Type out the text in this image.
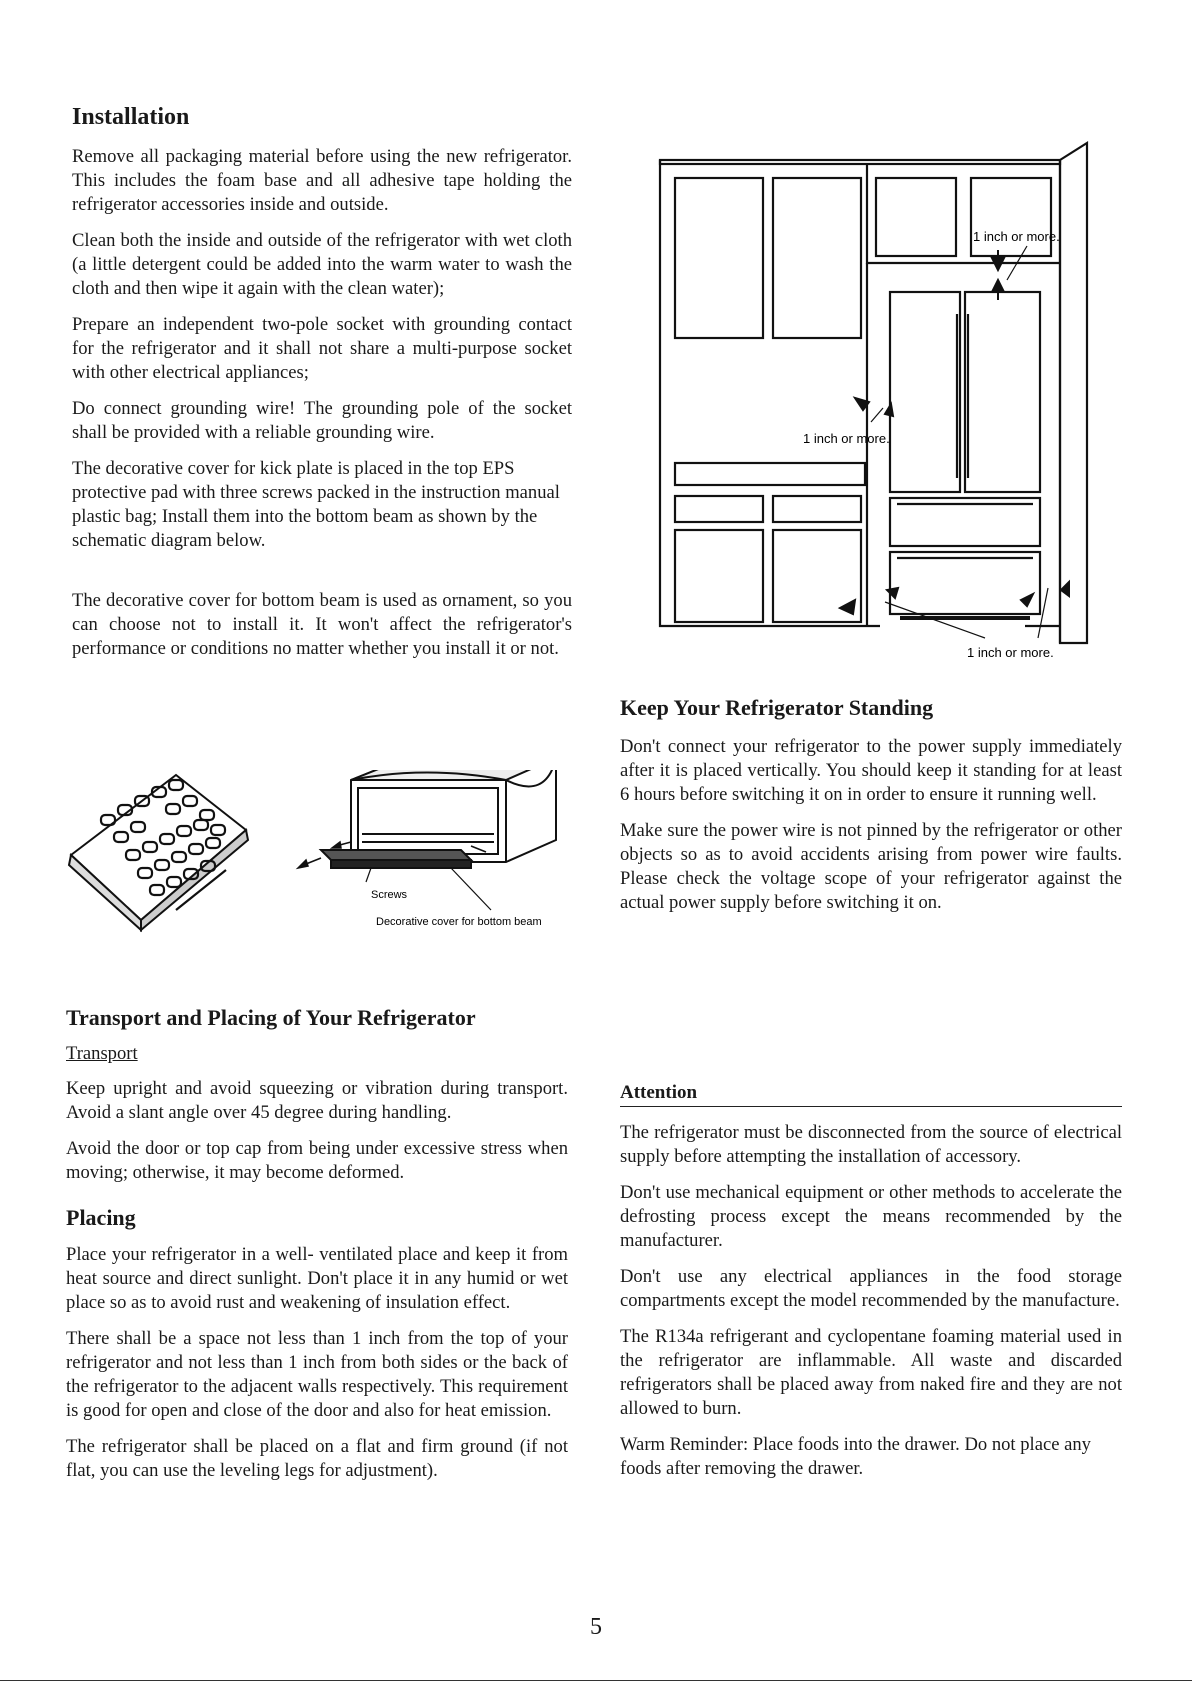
Installation

Remove all packaging material before using the new refrigerator. This includes the foam base and all adhesive tape holding the refrigerator accessories inside and outside.

Clean both the inside and outside of the refrigerator with wet cloth (a little detergent could be added into the warm water to wash the cloth and then wipe it again with the clean water);

Prepare an independent two-pole socket with grounding contact for the refrigerator and it shall not share a multi-purpose socket with other electrical appliances;

Do connect grounding wire! The grounding pole of the socket shall be provided with a reliable grounding wire.

The decorative cover for kick plate is placed in the top EPS protective pad with three screws packed in the instruction manual plastic bag; Install them into the bottom beam as shown by the schematic diagram below.

The decorative cover for bottom beam is used as ornament, so you can choose not to install it. It won't affect the refrigerator's performance or conditions no matter whether you install it or not.

Screws
Decorative cover for bottom beam
Transport and Placing of Your Refrigerator
Transport

Keep upright and avoid squeezing or vibration during transport. Avoid a slant angle over 45 degree during handling.

Avoid the door or top cap from being under excessive stress when moving; otherwise, it may become deformed.

Placing

Place your refrigerator in a well- ventilated place and keep it from heat source and direct sunlight. Don't place it in any humid or wet place so as to avoid rust and weakening of insulation effect.

There shall be a space not less than 1 inch from the top of your refrigerator and not less than 1 inch from both sides or the back of the refrigerator to the adjacent walls respectively. This requirement is good for open and close of the door and also for heat emission.

The refrigerator shall be placed on a flat and firm ground (if not flat, you can use the leveling legs for adjustment).

1 inch or more.
1 inch or more.
1 inch or more.
Keep Your Refrigerator Standing

Don't connect your refrigerator to the power supply immediately after it is placed vertically. You should keep it standing for at least 6 hours before switching it on in order to ensure it running well.

Make sure the power wire is not pinned by the refrigerator or other objects so as to avoid accidents arising from power wire faults. Please check the voltage scope of your refrigerator against the actual power supply before switching it on.

Attention

The refrigerator must be disconnected from the source of electrical supply before attempting the installation of accessory.

Don't use mechanical equipment or other methods to accelerate the defrosting process except the means recommended by the manufacturer.

Don't use any electrical appliances in the food storage compartments except the model recommended by the manufacture.

The R134a refrigerant and cyclopentane foaming material used in the refrigerator are inflammable. All waste and discarded refrigerators shall be placed away from naked fire and they are not allowed to burn.

Warm Reminder: Place foods into the drawer. Do not place any foods after removing the drawer.

5
